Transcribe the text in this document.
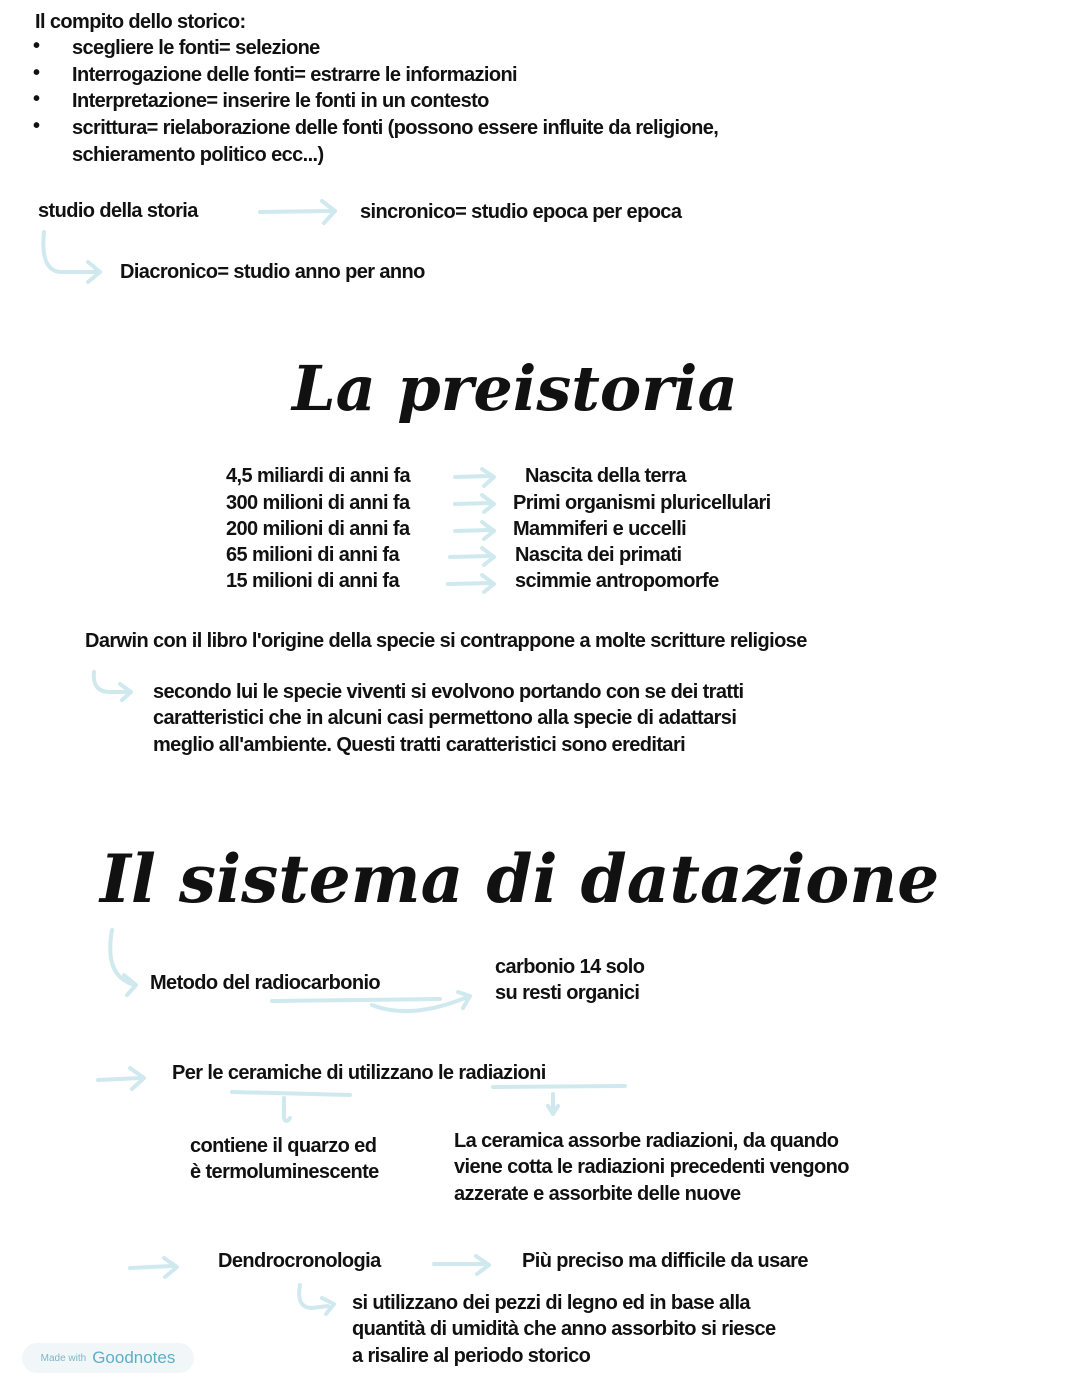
Il compito dello storico:
• scegliere le fonti= selezione
• Interrogazione delle fonti= estrarre le informazioni
• Interpretazione= inserire le fonti in un contesto
• scrittura= rielaborazione delle fonti (possono essere influite da religione,
schieramento politico ecc...)
studio della storia	sincronico= studio epoca per epoca
Diacronico= studio anno per anno
La preistoria
4,5 miliardi di anni fa	Nascita della terra
300 milioni di anni fa	Primi organismi pluricellulari
200 milioni di anni fa	Mammiferi e uccelli
65 milioni di anni fa	Nascita dei primati
15 milioni di anni fa	scimmie antropomorfe
Darwin con il libro l'origine della specie si contrappone a molte scritture religiose
secondo lui le specie viventi si evolvono portando con se dei tratti
caratteristici che in alcuni casi permettono alla specie di adattarsi
meglio all'ambiente. Questi tratti caratteristici sono ereditari
Il sistema di datazione
Metodo del radiocarbonio
carbonio 14 solo
su resti organici
Per le ceramiche di utilizzano le radiazioni
contiene il quarzo ed
è termoluminescente
La ceramica assorbe radiazioni, da quando
viene cotta le radiazioni precedenti vengono
azzerate e assorbite delle nuove
Dendrocronologia	Più preciso ma difficile da usare
si utilizzano dei pezzi di legno ed in base alla
quantità di umidità che anno assorbito si riesce
a risalire al periodo storico
Made with Goodnotes
